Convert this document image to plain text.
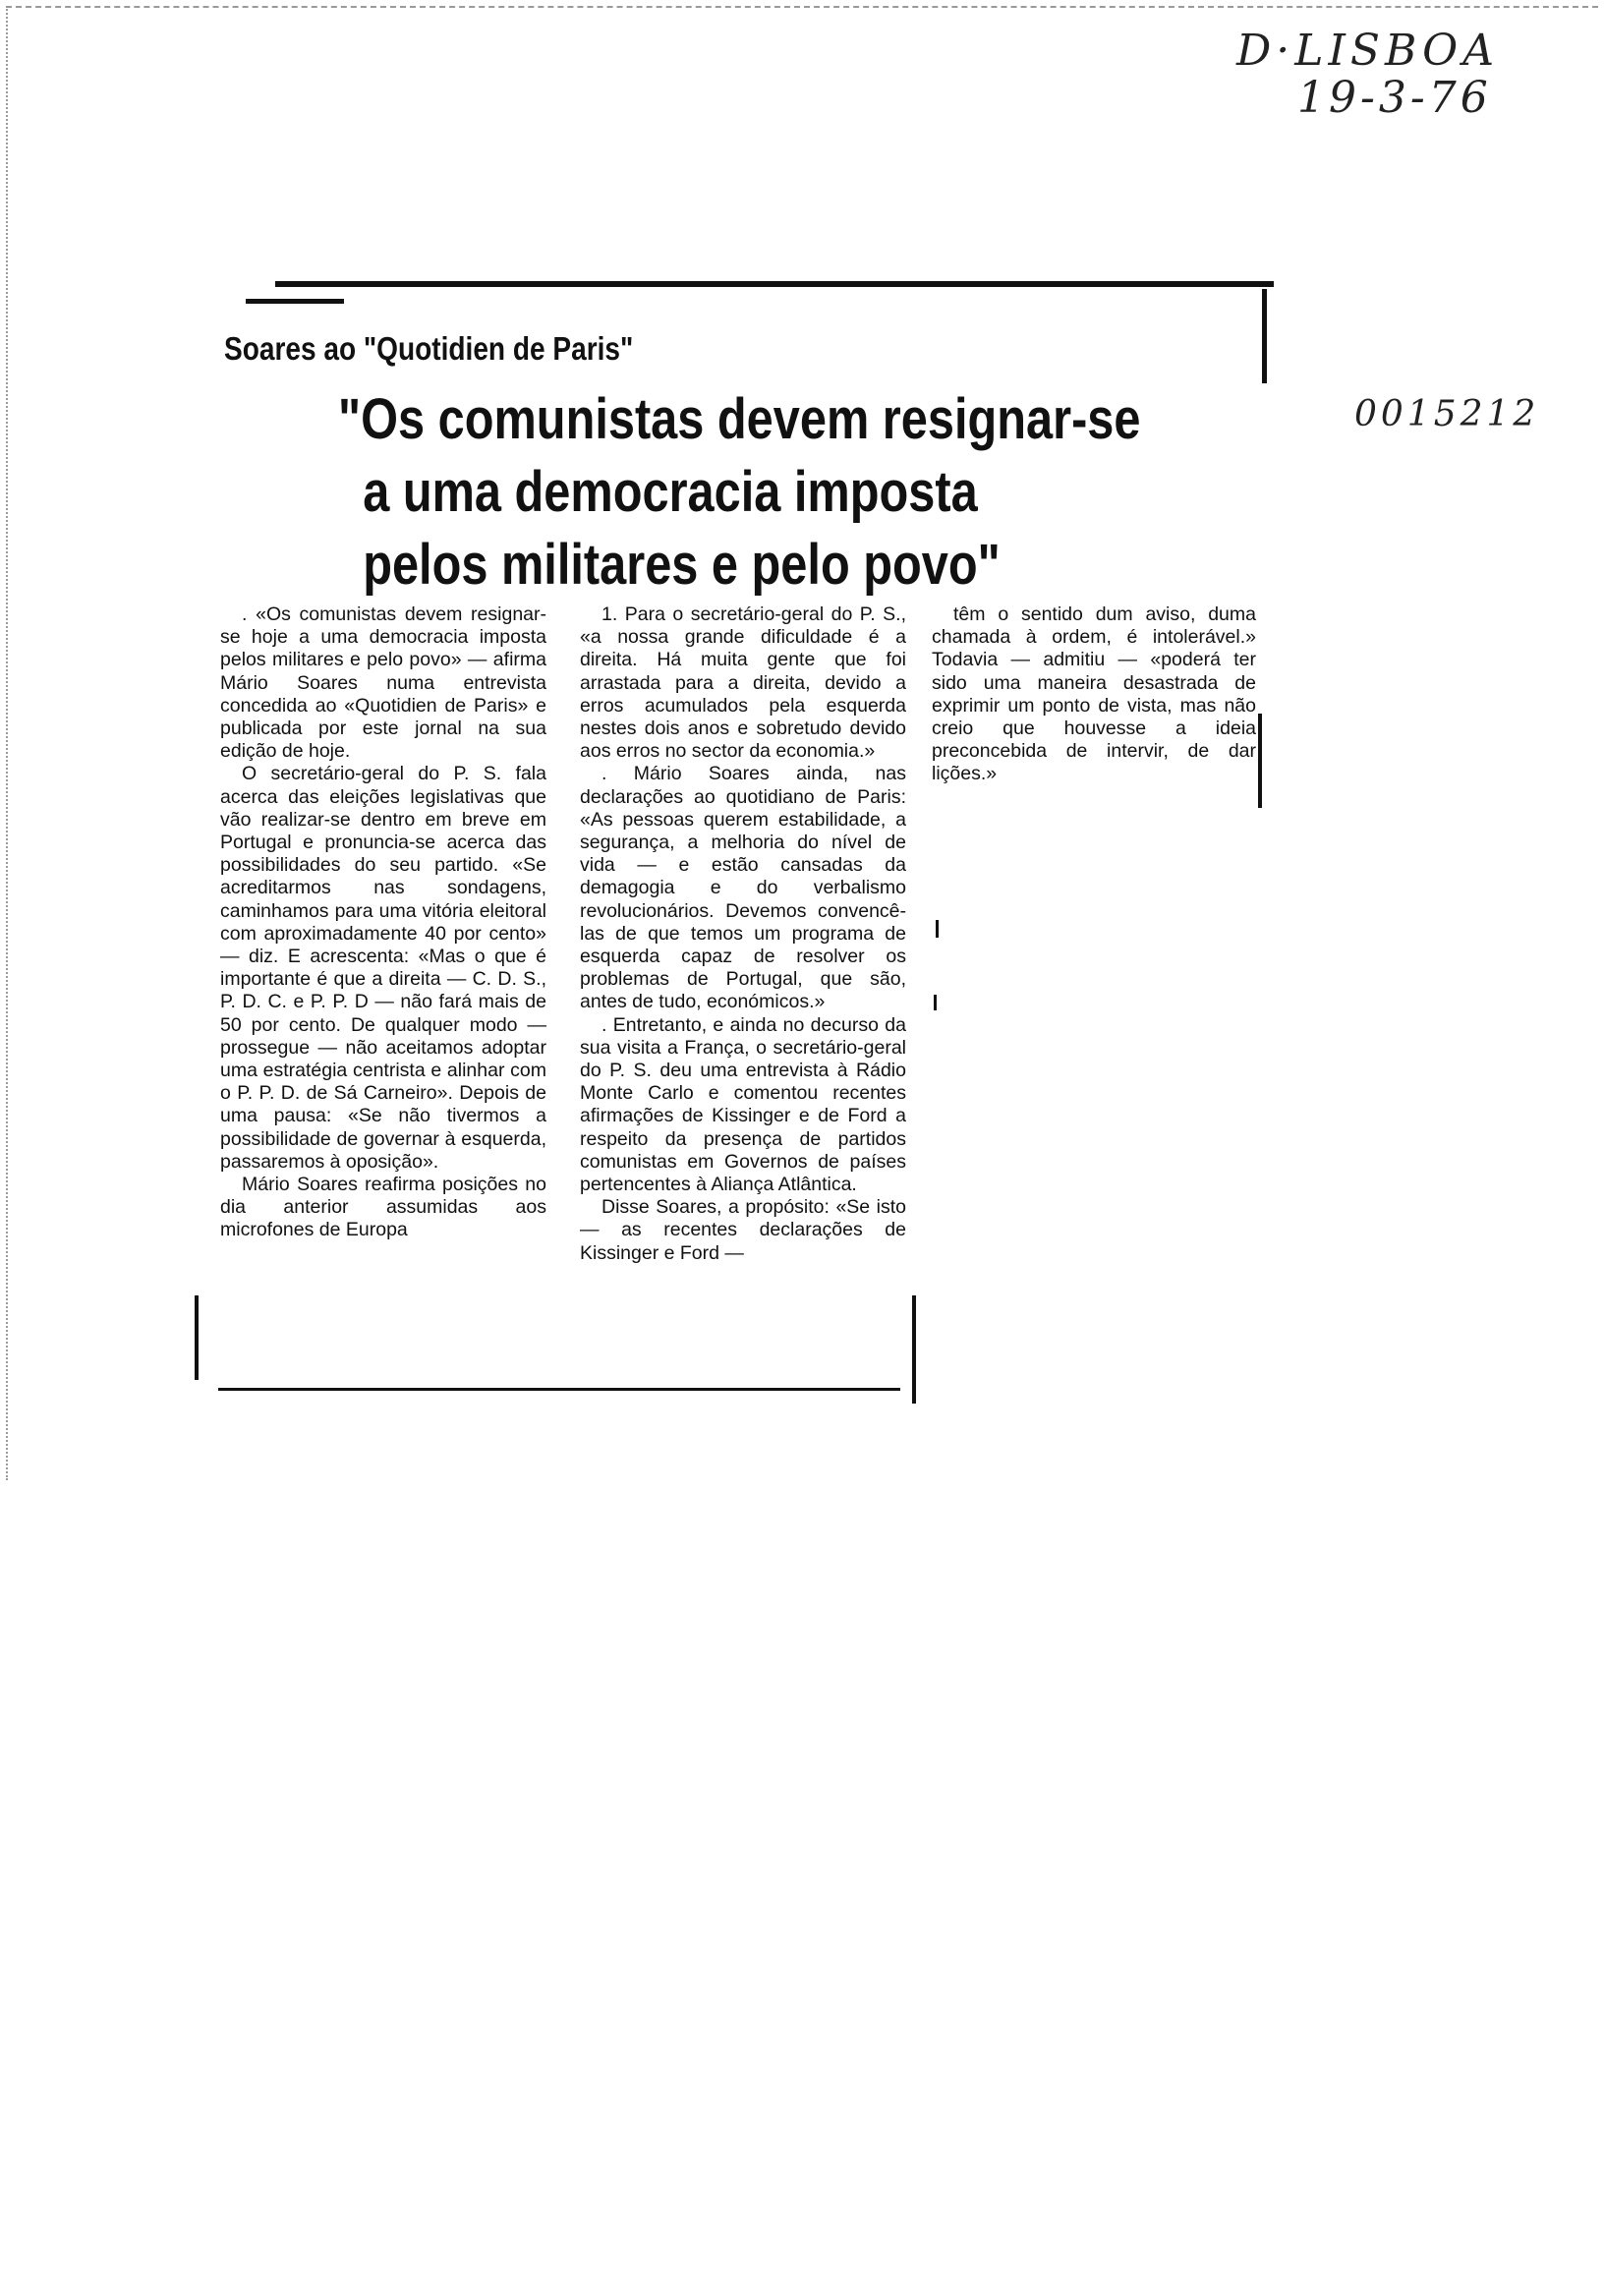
D·LISBOA
19-3-76
0015212
Soares ao "Quotidien de Paris"
"Os comunistas devem resignar-se
a uma democracia imposta
pelos militares e pelo povo"

. «Os comunistas devem resignar-se hoje a uma democracia imposta pelos militares e pelo povo» — afirma Mário Soares numa entrevista concedida ao «Quotidien de Paris» e publicada por este jornal na sua edição de hoje.

O secretário-geral do P. S. fala acerca das eleições legislativas que vão realizar-se dentro em breve em Portugal e pronuncia-se acerca das possibilidades do seu partido. «Se acreditarmos nas sondagens, caminhamos para uma vitória eleitoral com aproximadamente 40 por cento» — diz. E acrescenta: «Mas o que é importante é que a direita — C. D. S., P. D. C. e P. P. D — não fará mais de 50 por cento. De qualquer modo — prossegue — não aceitamos adoptar uma estratégia centrista e alinhar com o P. P. D. de Sá Carneiro». Depois de uma pausa: «Se não tivermos a possibilidade de governar à esquerda, passaremos à oposição».

Mário Soares reafirma posições no dia anterior assumidas aos microfones de Europa

1. Para o secretário-geral do P. S., «a nossa grande dificuldade é a direita. Há muita gente que foi arrastada para a direita, devido a erros acumulados pela esquerda nestes dois anos e sobretudo devido aos erros no sector da economia.»

. Mário Soares ainda, nas declarações ao quotidiano de Paris: «As pessoas querem estabilidade, a segurança, a melhoria do nível de vida — e estão cansadas da demagogia e do verbalismo revolucionários. Devemos convencê-las de que temos um programa de esquerda capaz de resolver os problemas de Portugal, que são, antes de tudo, económicos.»

. Entretanto, e ainda no decurso da sua visita a França, o secretário-geral do P. S. deu uma entrevista à Rádio Monte Carlo e comentou recentes afirmações de Kissinger e de Ford a respeito da presença de partidos comunistas em Governos de países pertencentes à Aliança Atlântica.

Disse Soares, a propósito: «Se isto — as recentes declarações de Kissinger e Ford —

têm o sentido dum aviso, duma chamada à ordem, é intolerável.» Todavia — admitiu — «poderá ter sido uma maneira desastrada de exprimir um ponto de vista, mas não creio que houvesse a ideia preconcebida de intervir, de dar lições.»
